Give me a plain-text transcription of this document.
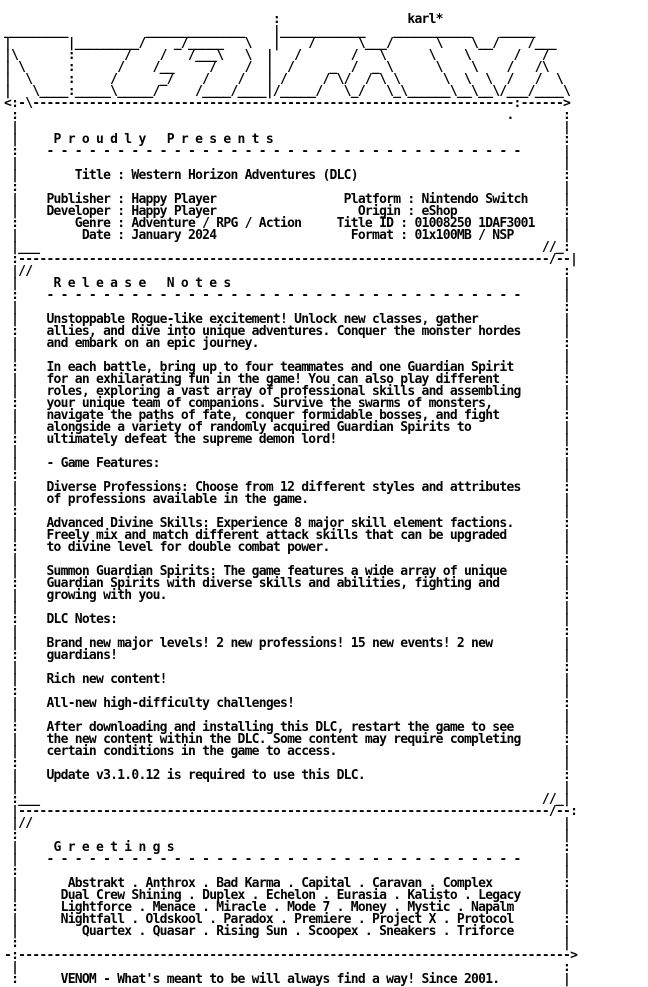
:                  karl*
_________           ______________    |____________    ___________    _____
|        |_________/    _/_____   \   |    /      \___/      \    \__/    /___
|\       :       /    /   /___\   \  |   /       /   \      \    \      /   /
| \      :      /    /__     /    /  |  /     _  /  _ \      \    \    /   /\
|  \     :     /      _/    /    /   | /     / \/  / \ \      \  \  \  /   /  \
|   \____:_____\_____/     /____/____|/_____/   \_/   \_\______\__\__\/___/____\
<:-\--------------------------------------------------------------------:------>
:                                                                     .       :
|                                                                             |
|     P r o u d l y   P r e s e n t s                                         :
:    - - - - - - - - - - - - - - - - - - - - - - - - - - - - - - - - - -      |
|                                                                             |
|        Title : Western Horizon Adventures (DLC)                             :
:                                                                             |
|    Publisher : Happy Player                  Platform : Nintendo Switch     |
|    Developer : Happy Player                    Origin : eShop               :
:        Genre : Adventure / RPG / Action     Title ID : 01008250 1DAF3001    |
|         Date : January 2024                   Format : 01x100MB / NSP       |
|___                                                                       //_:
:---------------------------------------------------------------------------/--|
|//                                                                           :
|     R e l e a s e   N o t e s                                               |
:    - - - - - - - - - - - - - - - - - - - - - - - - - - - - - - - - - -      |
|                                                                             :
|    Unstoppable Rogue-like excitement! Unlock new classes, gather            |
:    allies, and dive into unique adventures. Conquer the monster hordes      |
|    and embark on an epic journey.                                           :
|                                                                             |
:    In each battle, bring up to four teammates and one Guardian Spirit       |
|    for an exhilarating fun in the game! You can also play different         :
|    roles, exploring a vast array of professional skills and assembling      |
:    your unique team of companions. Survive the swarms of monsters,          |
|    navigate the paths of fate, conquer formidable bosses, and fight         :
|    alongside a variety of randomly acquired Guardian Spirits to             |
:    ultimately defeat the supreme demon lord!                                |
|                                                                             :
|    - Game Features:                                                         |
:                                                                             |
|    Diverse Professions: Choose from 12 different styles and attributes      :
|    of professions available in the game.                                    |
:                                                                             |
|    Advanced Divine Skills: Experience 8 major skill element factions.       :
|    Freely mix and match different attack skills that can be upgraded        |
:    to divine level for double combat power.                                 |
|                                                                             :
|    Summon Guardian Spirits: The game features a wide array of unique        |
:    Guardian Spirits with diverse skills and abilities, fighting and         |
|    growing with you.                                                        :
|                                                                             |
:    DLC Notes:                                                               |
|                                                                             :
|    Brand new major levels! 2 new professions! 15 new events! 2 new          |
:    guardians!                                                               |
|                                                                             :
|    Rich new content!                                                        |
:                                                                             |
|    All-new high-difficulty challenges!                                      :
|                                                                             |
:    After downloading and installing this DLC, restart the game to see       |
|    the new content within the DLC. Some content may require completing      :
|    certain conditions in the game to access.                                |
:                                                                             |
|    Update v3.1.0.12 is required to use this DLC.                            :
|                                                                             |
:___                                                                       //_|
|---------------------------------------------------------------------------/--:
|//                                                                           |
:                                                                             |
|     G r e e t i n g s                                                       :
|    - - - - - - - - - - - - - - - - - - - - - - - - - - - - - - - - - -      |
:                                                                             |
|       Abstrakt . Anthrox . Bad Karma . Capital . Caravan . Complex          :
|      Dual Crew Shining . Duplex . Echelon . Eurasia . Kalisto . Legacy      |
:      Lightforce . Menace . Miracle . Mode 7 . Money . Mystic . Napalm       |
|      Nightfall . Oldskool . Paradox . Premiere . Project X . Protocol       :
|         Quartex . Quasar . Rising Sun . Scoopex . Sneakers . Triforce       |
:                                                                             |
-:------------------------------------------------------------------------------>
|                                                                             :
:      VENOM - What's meant to be will always find a way! Since 2001.         |
